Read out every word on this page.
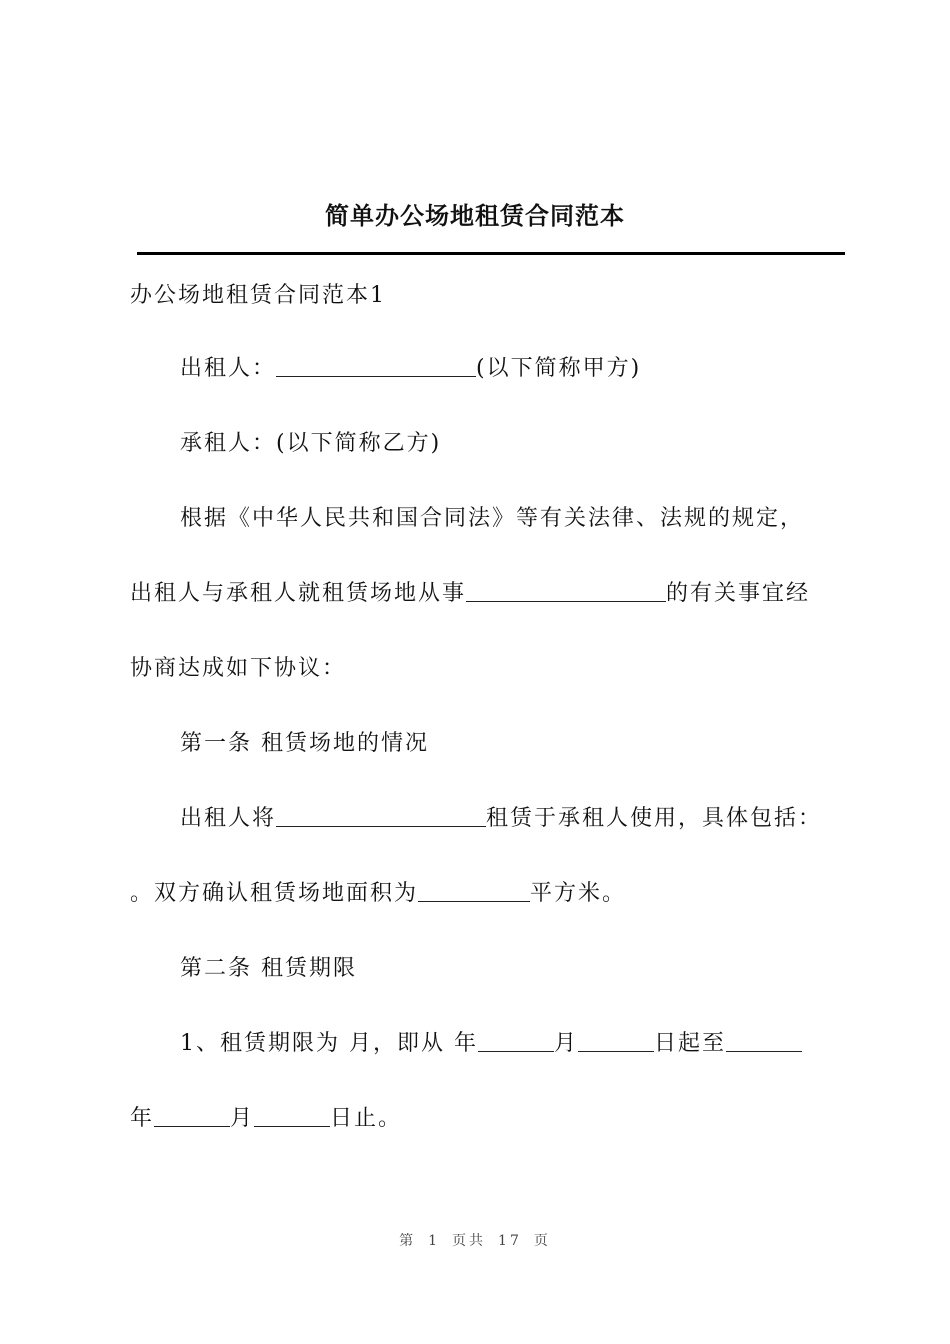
简单办公场地租赁合同范本
办公场地租赁合同范本1
出租人：	(以下简称甲方)
承租人：(以下简称乙方)
根据《中华人民共和国合同法》等有关法律、法规的规定，
出租人与承租人就租赁场地从事	的有关事宜经
协商达成如下协议：
第一条 租赁场地的情况
出租人将	租赁于承租人使用，具体包括：
。双方确认租赁场地面积为	平方米。
第二条 租赁期限
1、租赁期限为 月，即从 年	月	日起至
年	月	日止。
第 1 页共 17 页
